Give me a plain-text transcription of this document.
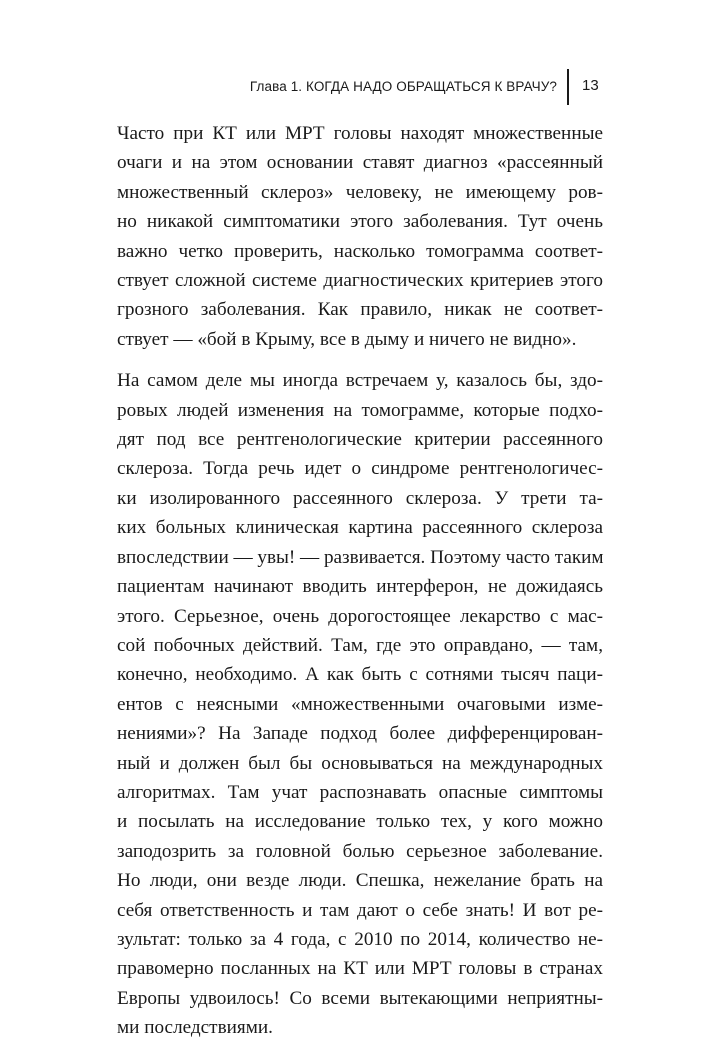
Глава 1. КОГДА НАДО ОБРАЩАТЬСЯ К ВРАЧУ? 13

Часто при КТ или МРТ головы находят множественные
очаги и на этом основании ставят диагноз «рассеянный
множественный склероз» человеку, не имеющему ров-
но никакой симптоматики этого заболевания. Тут очень
важно четко проверить, насколько томограмма соответ-
ствует сложной системе диагностических критериев этого
грозного заболевания. Как правило, никак не соответ-
ствует — «бой в Крыму, все в дыму и ничего не видно».

На самом деле мы иногда встречаем у, казалось бы, здо-
ровых людей изменения на томограмме, которые подхо-
дят под все рентгенологические критерии рассеянного
склероза. Тогда речь идет о синдроме рентгенологичес-
ки изолированного рассеянного склероза. У трети та-
ких больных клиническая картина рассеянного склероза
впоследствии — увы! — развивается. Поэтому часто таким
пациентам начинают вводить интерферон, не дожидаясь
этого. Серьезное, очень дорогостоящее лекарство с мас-
сой побочных действий. Там, где это оправдано, — там,
конечно, необходимо. А как быть с сотнями тысяч паци-
ентов с неясными «множественными очаговыми изме-
нениями»? На Западе подход более дифференцирован-
ный и должен был бы основываться на международных
алгоритмах. Там учат распознавать опасные симптомы
и посылать на исследование только тех, у кого можно
заподозрить за головной болью серьезное заболевание.
Но люди, они везде люди. Спешка, нежелание брать на
себя ответственность и там дают о себе знать! И вот ре-
зультат: только за 4 года, с 2010 по 2014, количество не-
правомерно посланных на КТ или МРТ головы в странах
Европы удвоилось! Со всеми вытекающими неприятны-
ми последствиями.
